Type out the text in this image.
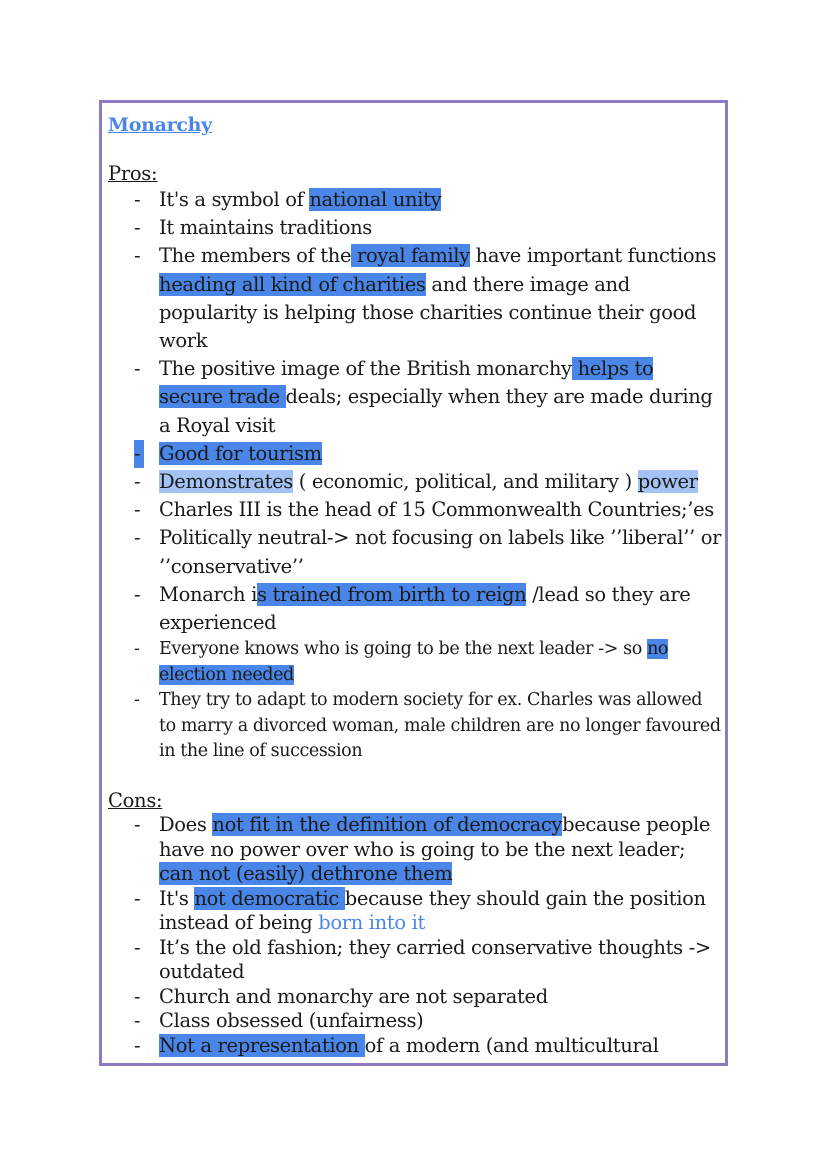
Monarchy
Pros:
- It's a symbol of national unity
- It maintains traditions
- The members of the royal family have important functions heading all kind of charities and there image and popularity is helping those charities continue their good work
- The positive image of the British monarchy helps to secure trade deals; especially when they are made during a Royal visit
- Good for tourism
- Demonstrates ( economic, political, and military ) power
- Charles III is the head of 15 Commonwealth Countries;’es
- Politically neutral-> not focusing on labels like ’’liberal’’ or ’’conservative’’
- Monarch is trained from birth to reign /lead so they are experienced
- Everyone knows who is going to be the next leader -> so no election needed
- They try to adapt to modern society for ex. Charles was allowed to marry a divorced woman, male children are no longer favoured in the line of succession
Cons:
- Does not fit in the definition of democracybecause people have no power over who is going to be the next leader; can not (easily) dethrone them
- It's not democratic because they should gain the position instead of being born into it
- It’s the old fashion; they carried conservative thoughts -> outdated
- Church and monarchy are not separated
- Class obsessed (unfairness)
- Not a representation of a modern (and multicultural
